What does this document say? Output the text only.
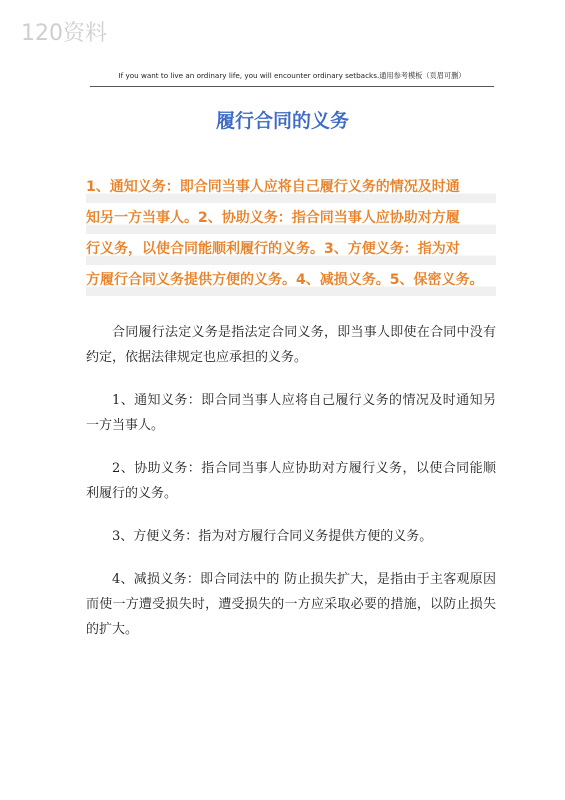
120资料
If you want to live an ordinary life, you will encounter ordinary setbacks.通用参考模板（页眉可删）
履行合同的义务
1、通知义务：即合同当事人应将自己履行义务的情况及时通
知另一方当事人。2、协助义务：指合同当事人应协助对方履
行义务，以使合同能顺利履行的义务。3、方便义务：指为对
方履行合同义务提供方便的义务。4、减损义务。5、保密义务。

合同履行法定义务是指法定合同义务，即当事人即使在合同中没有约定，依据法律规定也应承担的义务。

1、通知义务：即合同当事人应将自己履行义务的情况及时通知另一方当事人。

2、协助义务：指合同当事人应协助对方履行义务，以使合同能顺利履行的义务。

3、方便义务：指为对方履行合同义务提供方便的义务。

4、减损义务：即合同法中的 防止损失扩大，是指由于主客观原因而使一方遭受损失时，遭受损失的一方应采取必要的措施，以防止损失的扩大。
